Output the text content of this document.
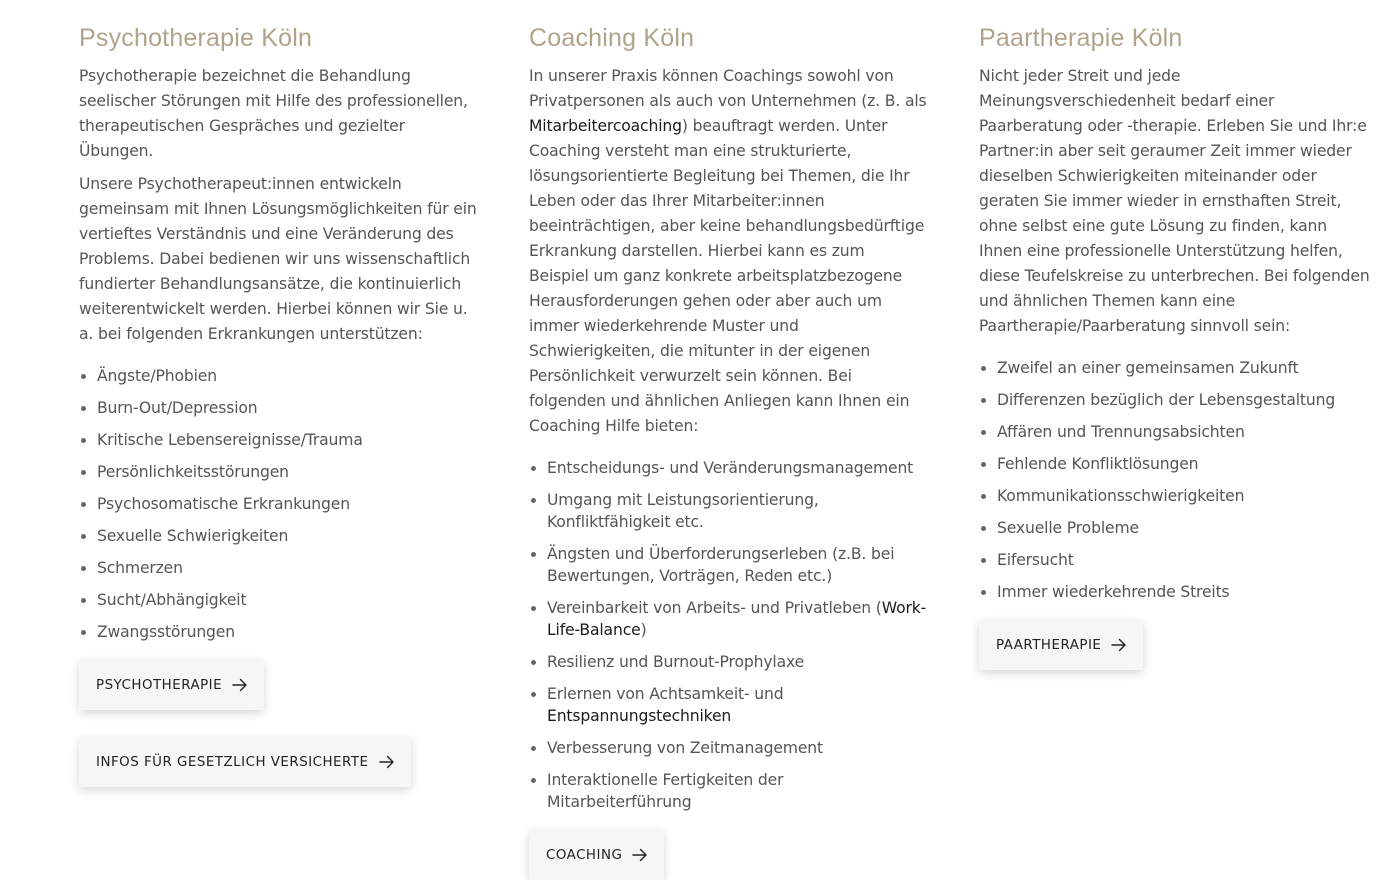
Psychotherapie Köln

Psychotherapie bezeichnet die Behandlung seelischer Störungen mit Hilfe des professionellen, therapeutischen Gespräches und gezielter Übungen.

Unsere Psychotherapeut:innen entwickeln gemeinsam mit Ihnen Lösungsmöglichkeiten für ein vertieftes Verständnis und eine Veränderung des Problems. Dabei bedienen wir uns wissenschaftlich fundierter Behandlungsansätze, die kontinuierlich weiterentwickelt werden. Hierbei können wir Sie u. a. bei folgenden Erkrankungen unterstützen:

Ängste/Phobien
Burn-Out/Depression
Kritische Lebensereignisse/Trauma
Persönlichkeitsstörungen
Psychosomatische Erkrankungen
Sexuelle Schwierigkeiten
Schmerzen
Sucht/Abhängigkeit
Zwangsstörungen
PSYCHOTHERAPIE
INFOS FÜR GESETZLICH VERSICHERTE
Coaching Köln

In unserer Praxis können Coachings sowohl von Privatpersonen als auch von Unternehmen (z. B. als Mitarbeitercoaching) beauftragt werden. Unter Coaching versteht man eine strukturierte, lösungsorientierte Begleitung bei Themen, die Ihr Leben oder das Ihrer Mitarbeiter:innen beeinträchtigen, aber keine behandlungsbedürftige Erkrankung darstellen. Hierbei kann es zum Beispiel um ganz konkrete arbeitsplatzbezogene Herausforderungen gehen oder aber auch um immer wiederkehrende Muster und Schwierigkeiten, die mitunter in der eigenen Persönlichkeit verwurzelt sein können. Bei folgenden und ähnlichen Anliegen kann Ihnen ein Coaching Hilfe bieten:

Entscheidungs- und Veränderungsmanagement
Umgang mit Leistungsorientierung, Konfliktfähigkeit etc.
Ängsten und Überforderungserleben (z.B. bei Bewertungen, Vorträgen, Reden etc.)
Vereinbarkeit von Arbeits- und Privatleben (Work-Life-Balance)
Resilienz und Burnout-Prophylaxe
Erlernen von Achtsamkeit- und Entspannungstechniken
Verbesserung von Zeitmanagement
Interaktionelle Fertigkeiten der Mitarbeiterführung
COACHING
Paartherapie Köln

Nicht jeder Streit und jede Meinungsverschiedenheit bedarf einer Paarberatung oder -therapie. Erleben Sie und Ihr:e Partner:in aber seit geraumer Zeit immer wieder dieselben Schwierigkeiten miteinander oder geraten Sie immer wieder in ernsthaften Streit, ohne selbst eine gute Lösung zu finden, kann Ihnen eine professionelle Unterstützung helfen, diese Teufelskreise zu unterbrechen. Bei folgenden und ähnlichen Themen kann eine Paartherapie/Paarberatung sinnvoll sein:

Zweifel an einer gemeinsamen Zukunft
Differenzen bezüglich der Lebensgestaltung
Affären und Trennungsabsichten
Fehlende Konfliktlösungen
Kommunikationsschwierigkeiten
Sexuelle Probleme
Eifersucht
Immer wiederkehrende Streits
PAARTHERAPIE
